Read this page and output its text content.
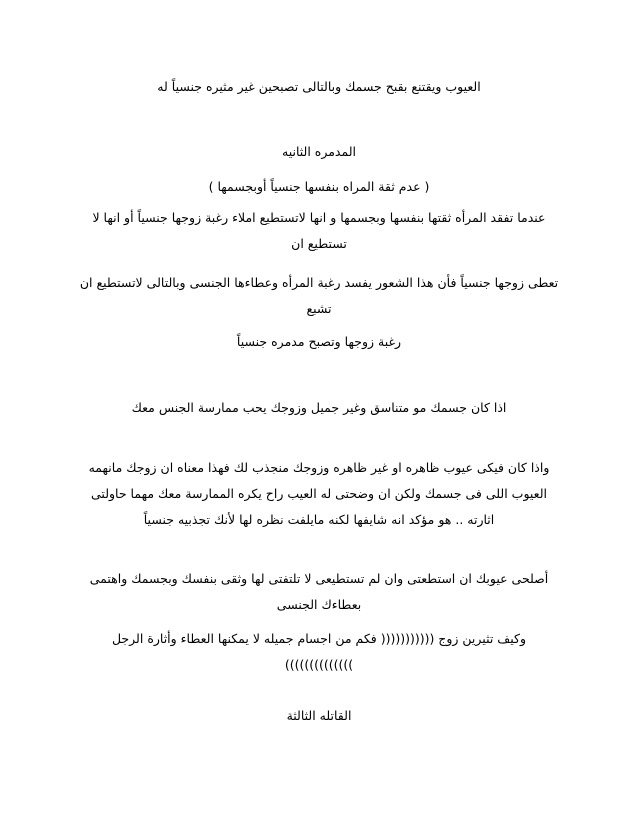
العيوب ويقتنع بقبح جسمك وبالتالى تصبحين غير مثيره جنسياً له
المدمره الثانيه
( عدم ثقة المراه بنفسها جنسياً أوبجسمها )
عندما تفقد المرأه ثقتها بنفسها وبجسمها و انها لاتستطيع املاء رغبة زوجها جنسياً أو انها لا
تستطيع ان
تعطى زوجها جنسياً فأن هذا الشعور يفسد رغبة المرأه وعطاءها الجنسى وبالتالى لاتستطيع ان
تشبع
رغبة زوجها وتصبح مدمره جنسياً
اذا كان جسمك مو متناسق وغير جميل وزوجك يحب ممارسة الجنس معك
واذا كان فيكى عيوب ظاهره او غير ظاهره وزوجك منجذب لك فهذا معناه ان زوجك مانهمه
العيوب اللى فى جسمك ولكن ان وضحتى له العيب راح يكره الممارسة معك مهما حاولتى
اثارته .. هو مؤكد انه شايفها لكنه مايلفت نظره لها لأنك تجذبيه جنسياً
أصلحى عيوبك ان استطعتى وان لم تستطيعى لا تلتفتى لها وثقى بنفسك وبجسمك واهتمى
بعطاءك الجنسى
وكيف تثيرين زوج ((((((((((( فكم من اجسام جميله لا يمكنها العطاء وأثارة الرجل
))))))))))))))
القاتله الثالثة
